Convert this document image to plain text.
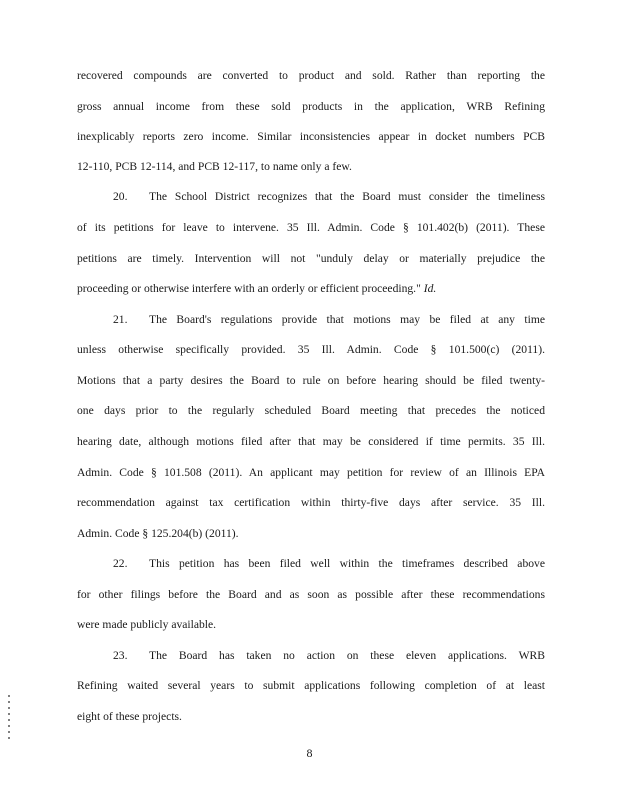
recovered compounds are converted to product and sold. Rather than reporting the
gross annual income from these sold products in the application, WRB Refining
inexplicably reports zero income. Similar inconsistencies appear in docket numbers PCB
12-110, PCB 12-114, and PCB 12-117, to name only a few.
20. The School District recognizes that the Board must consider the timeliness
of its petitions for leave to intervene. 35 Ill. Admin. Code § 101.402(b) (2011). These
petitions are timely. Intervention will not "unduly delay or materially prejudice the
proceeding or otherwise interfere with an orderly or efficient proceeding." Id.
21. The Board's regulations provide that motions may be filed at any time
unless otherwise specifically provided. 35 Ill. Admin. Code § 101.500(c) (2011).
Motions that a party desires the Board to rule on before hearing should be filed twenty-
one days prior to the regularly scheduled Board meeting that precedes the noticed
hearing date, although motions filed after that may be considered if time permits. 35 Ill.
Admin. Code § 101.508 (2011). An applicant may petition for review of an Illinois EPA
recommendation against tax certification within thirty-five days after service. 35 Ill.
Admin. Code § 125.204(b) (2011).
22. This petition has been filed well within the timeframes described above
for other filings before the Board and as soon as possible after these recommendations
were made publicly available.
23. The Board has taken no action on these eleven applications. WRB
Refining waited several years to submit applications following completion of at least
eight of these projects.
8
